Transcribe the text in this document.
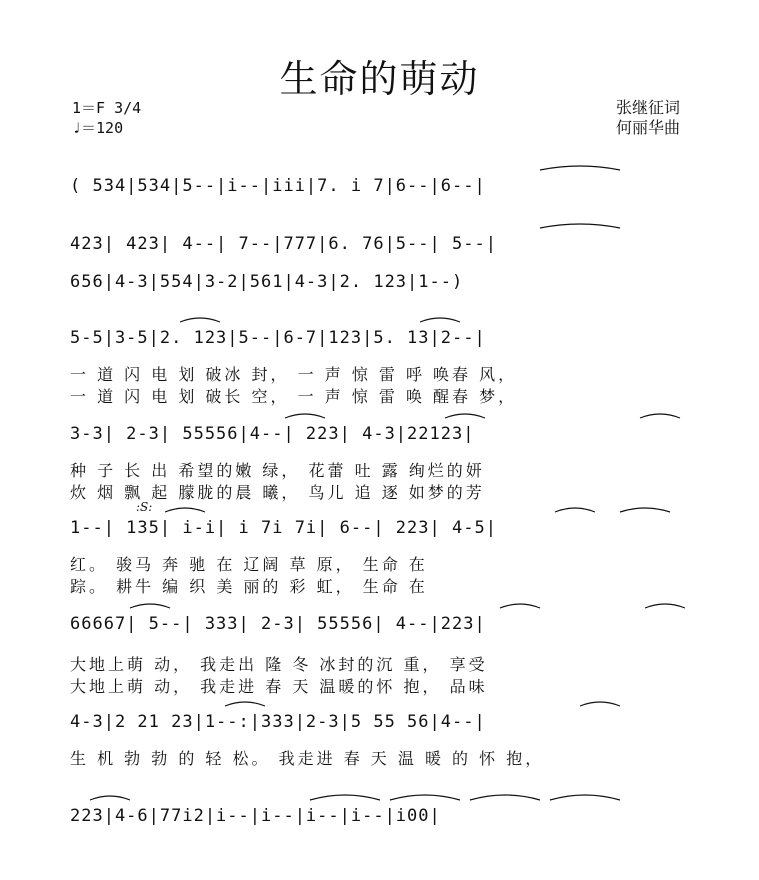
生命的萌动
1＝F 3/4
♩＝120
张继征词
何丽华曲
( 534|534|5--|i--|iii|7. i 7|6--|6--|
423| 423| 4--| 7--|777|6. 76|5--| 5--|
656|4-3|554|3-2|561|4-3|2. 123|1--)
5-5|3-5|2. 123|5--|6-7|123|5. 13|2--|
一 道 闪 电 划 破冰 封， 一 声 惊 雷 呼 唤春 风，
一 道 闪 电 划 破长 空， 一 声 惊 雷 唤 醒春 梦，
3-3| 2-3| 55556|4--| 223| 4-3|22123|
种 子 长 出 希望的嫩 绿， 花蕾 吐 露 绚烂的妍
炊 烟 飘 起 朦胧的晨 曦， 鸟儿 追 逐 如梦的芳
:S:
1--| 135| i-i| i 7i 7i| 6--| 223| 4-5|
红。 骏马 奔 驰 在 辽阔 草 原， 生命 在
踪。 耕牛 编 织 美 丽的 彩 虹， 生命 在
66667| 5--| 333| 2-3| 55556| 4--|223|
大地上萌 动， 我走出 隆 冬 冰封的沉 重， 享受
大地上萌 动， 我走进 春 天 温暖的怀 抱， 品味
4-3|2 21 23|1--:|333|2-3|5 55 56|4--|
生 机 勃 勃 的 轻 松。 我走进 春 天 温 暖 的 怀 抱，

223|4-6|77i2|i--|i--|i--|i--|i00|
